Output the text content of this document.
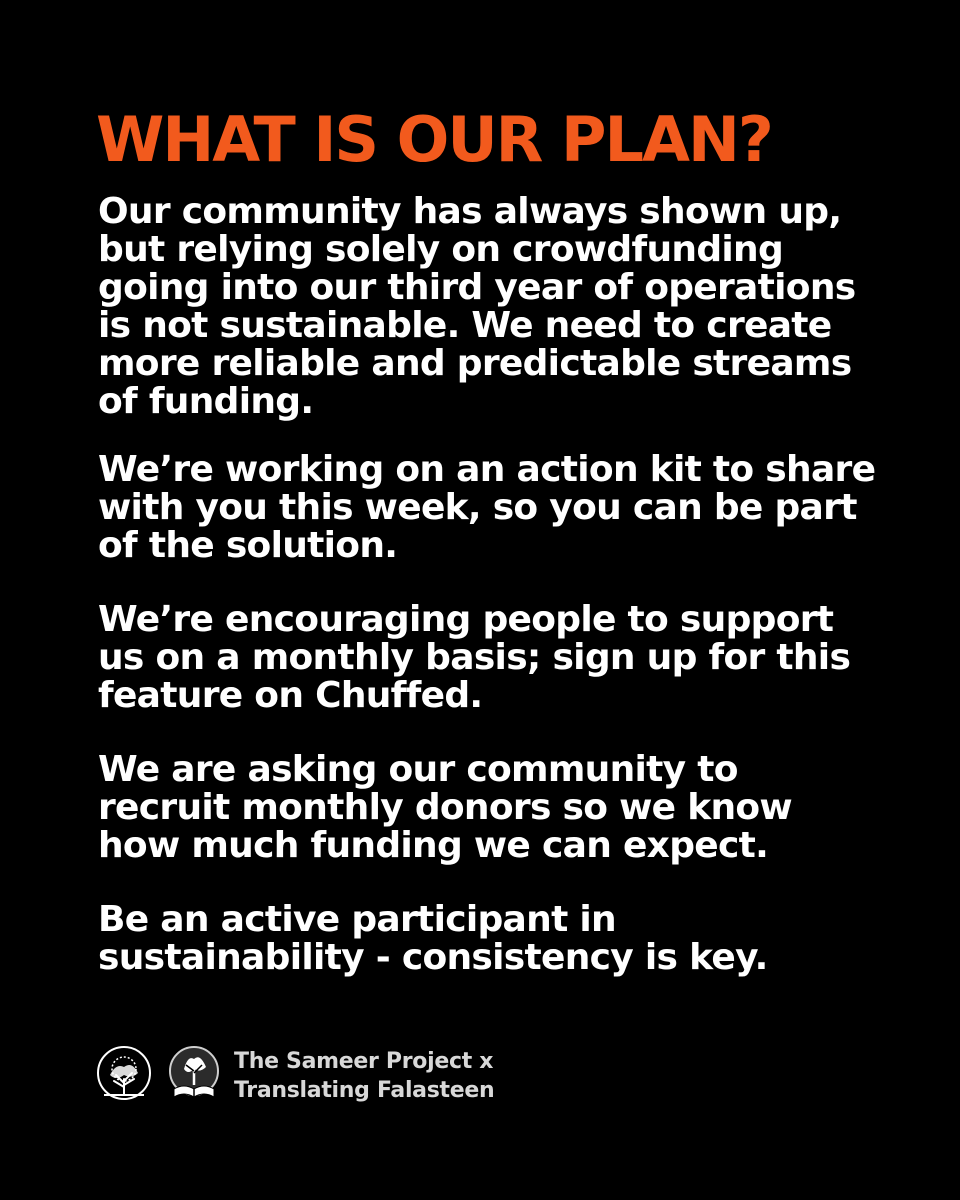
WHAT IS OUR PLAN?

Our community has always shown up,
but relying solely on crowdfunding
going into our third year of operations
is not sustainable. We need to create
more reliable and predictable streams
of funding.

We’re working on an action kit to share
with you this week, so you can be part
of the solution.

We’re encouraging people to support
us on a monthly basis; sign up for this
feature on Chuffed.

We are asking our community to
recruit monthly donors so we know
how much funding we can expect.

Be an active participant in
sustainability - consistency is key.

The Sameer Project x
Translating Falasteen
